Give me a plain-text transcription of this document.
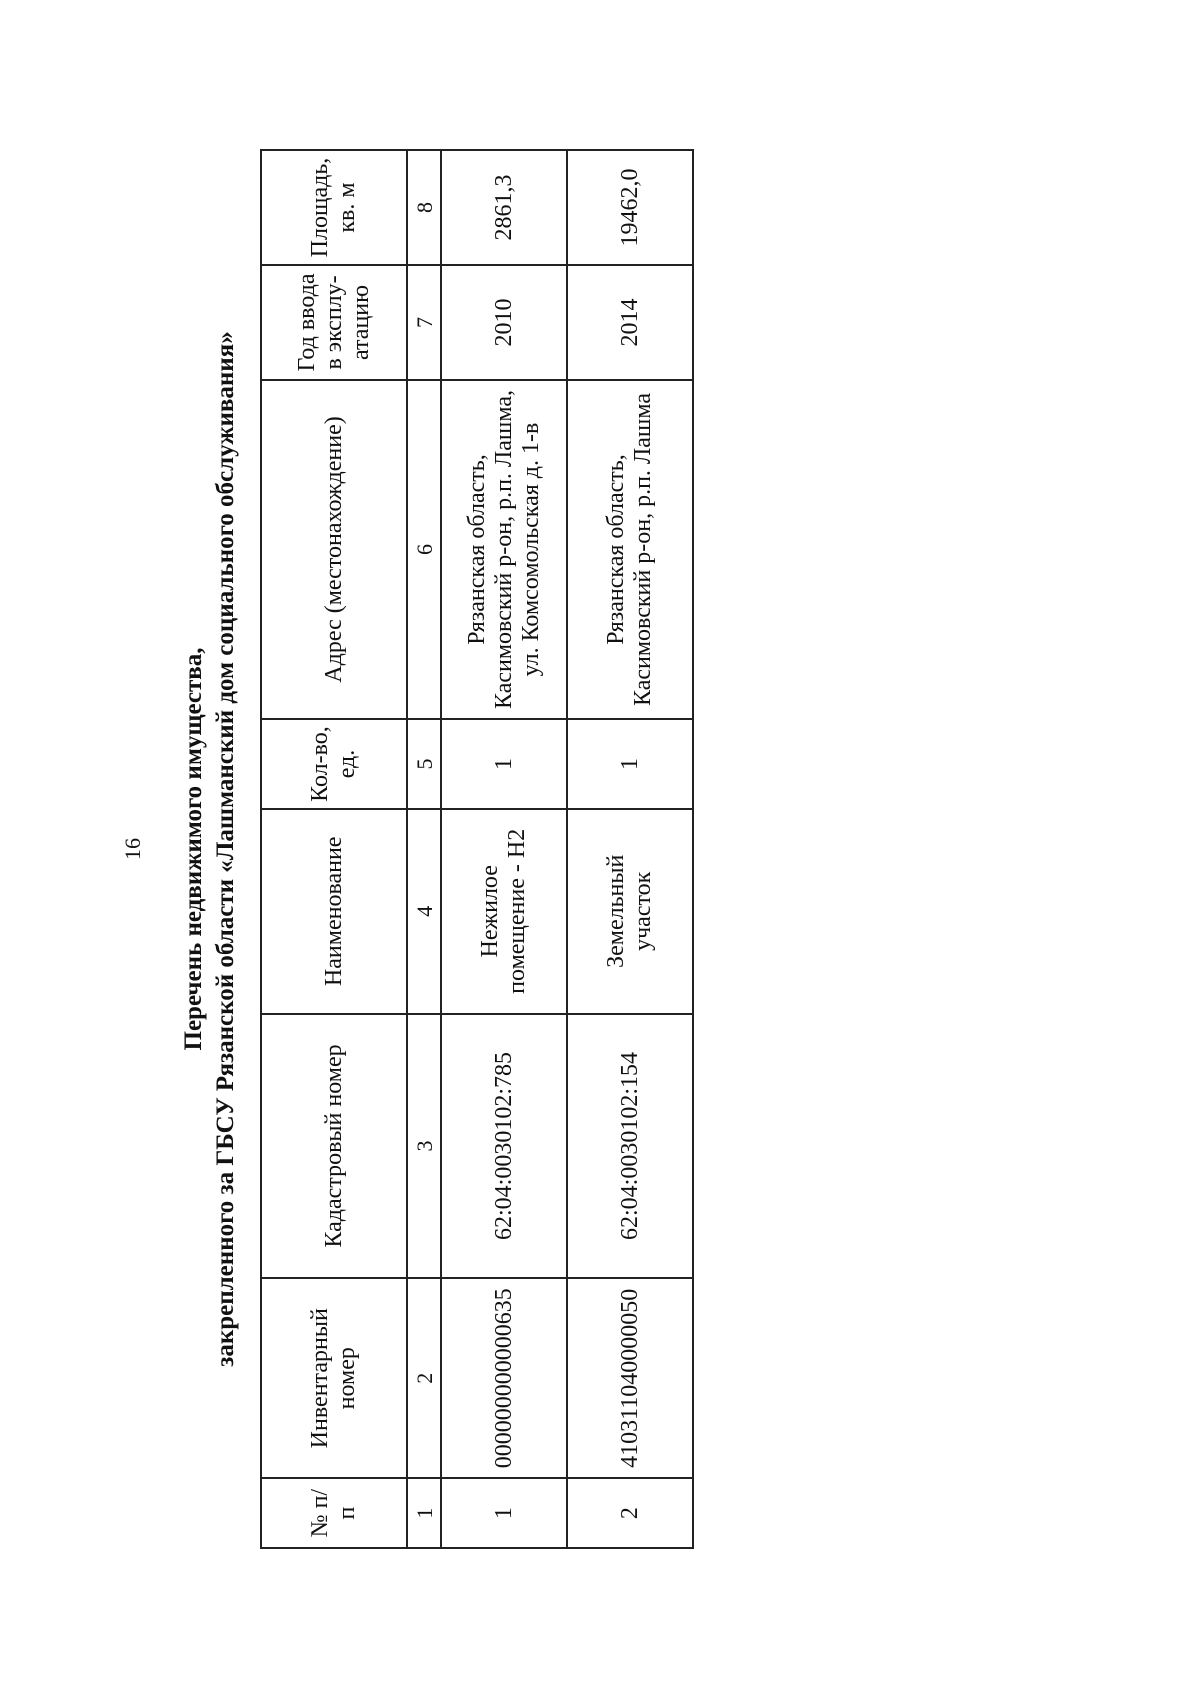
16 Перечень недвижимого имущества, закрепленного за ГБСУ Рязанской области «Лашманский дом социального обслуживания»
№ п/п	Инвентарный номер	Кадастровый номер	Наименование	Кол-во, ед.	Адрес (местонахождение)	Год ввода в эксплу-атацию	Площадь, кв. м
1	2	3	4	5	6	7	8
1	000000000000635	62:04:0030102:785	Нежилое помещение - Н2	1	Рязанская область, Касимовский р-он, р.п. Лашма, ул. Комсомольская д. 1-в	2010	2861,3
2	410311040000050	62:04:0030102:154	Земельный участок	1	Рязанская область, Касимовский р-он, р.п. Лашма	2014	19462,0
